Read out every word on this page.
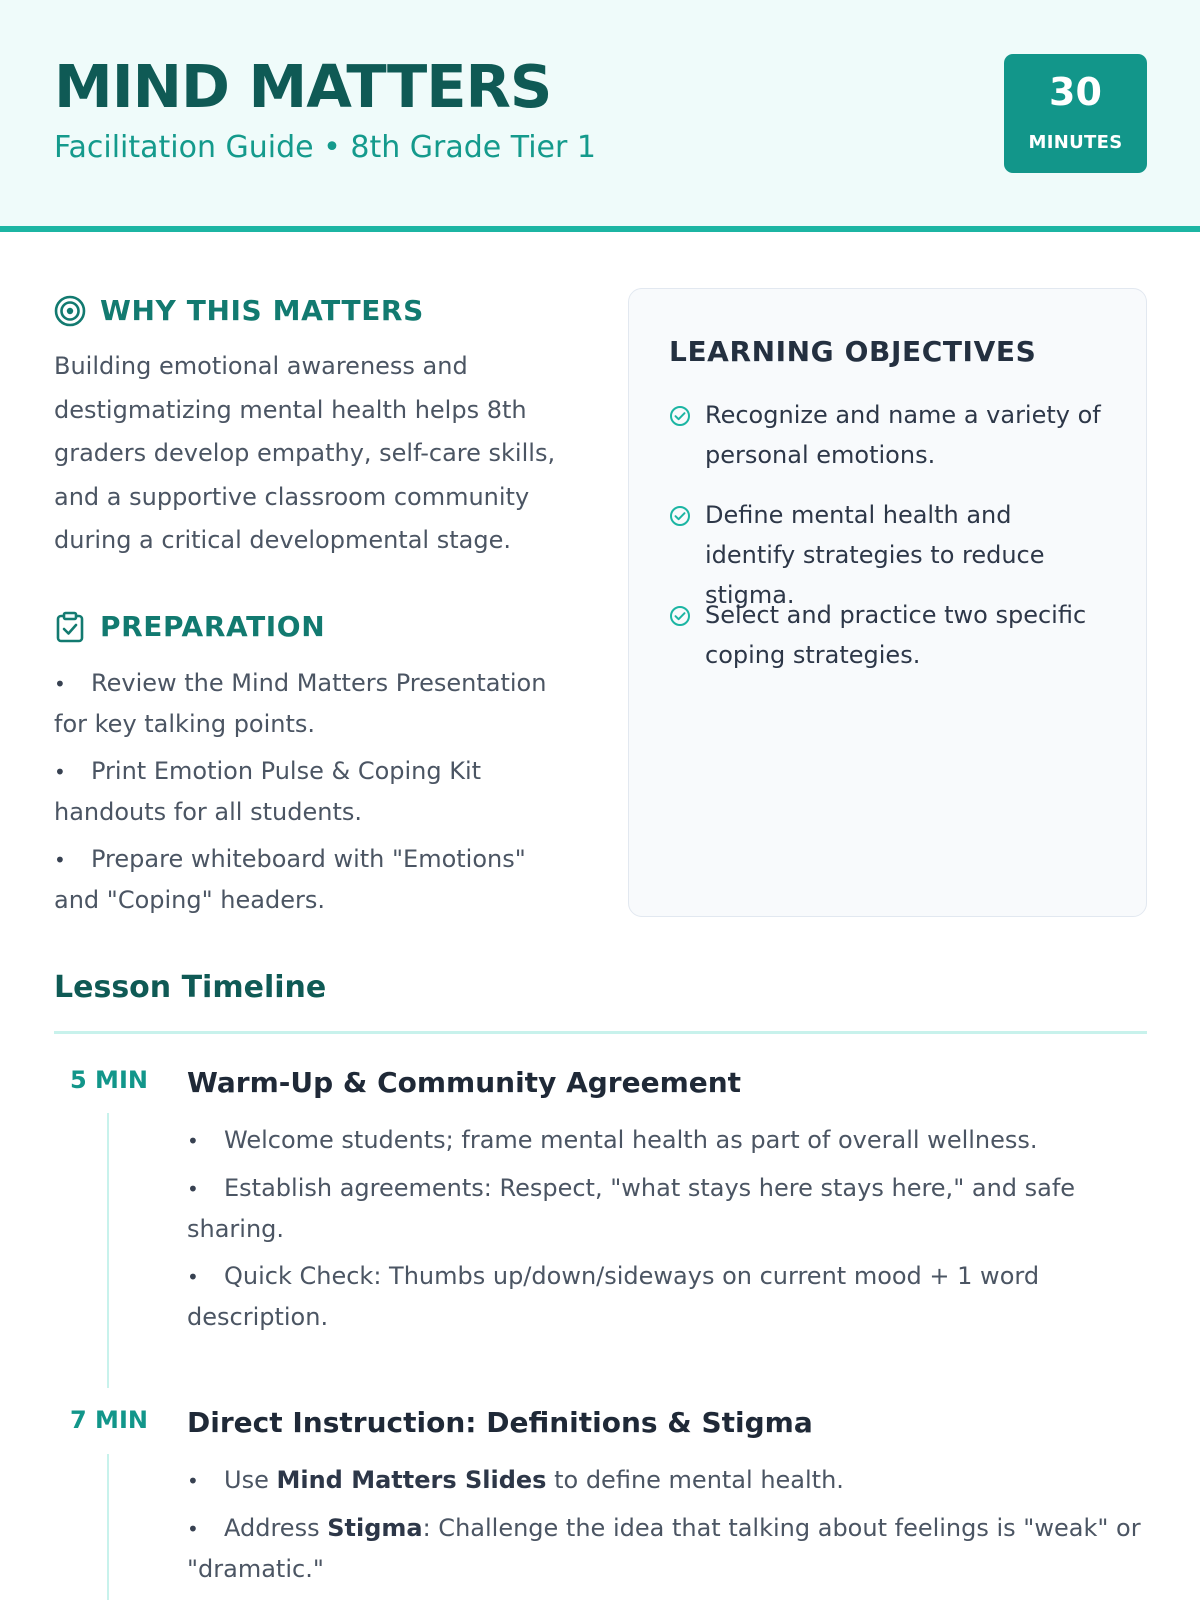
MIND MATTERS
Facilitation Guide • 8th Grade Tier 1
30
MINUTES
WHY THIS MATTERS

Building emotional awareness and destigmatizing mental health helps 8th graders develop empathy, self-care skills, and a supportive classroom community during a critical developmental stage.

PREPARATION
• Review the Mind Matters Presentation for key talking points.
• Print Emotion Pulse & Coping Kit handouts for all students.
• Prepare whiteboard with "Emotions" and "Coping" headers.
LEARNING OBJECTIVES
Recognize and name a variety of personal emotions.
Define mental health and identify strategies to reduce stigma.
Select and practice two specific coping strategies.
Lesson Timeline
5 MIN Warm-Up & Community Agreement
• Welcome students; frame mental health as part of overall wellness.
• Establish agreements: Respect, "what stays here stays here," and safe sharing.
• Quick Check: Thumbs up/down/sideways on current mood + 1 word description.
7 MIN Direct Instruction: Definitions & Stigma
• Use Mind Matters Slides to define mental health.
• Address Stigma: Challenge the idea that talking about feelings is "weak" or "dramatic."
